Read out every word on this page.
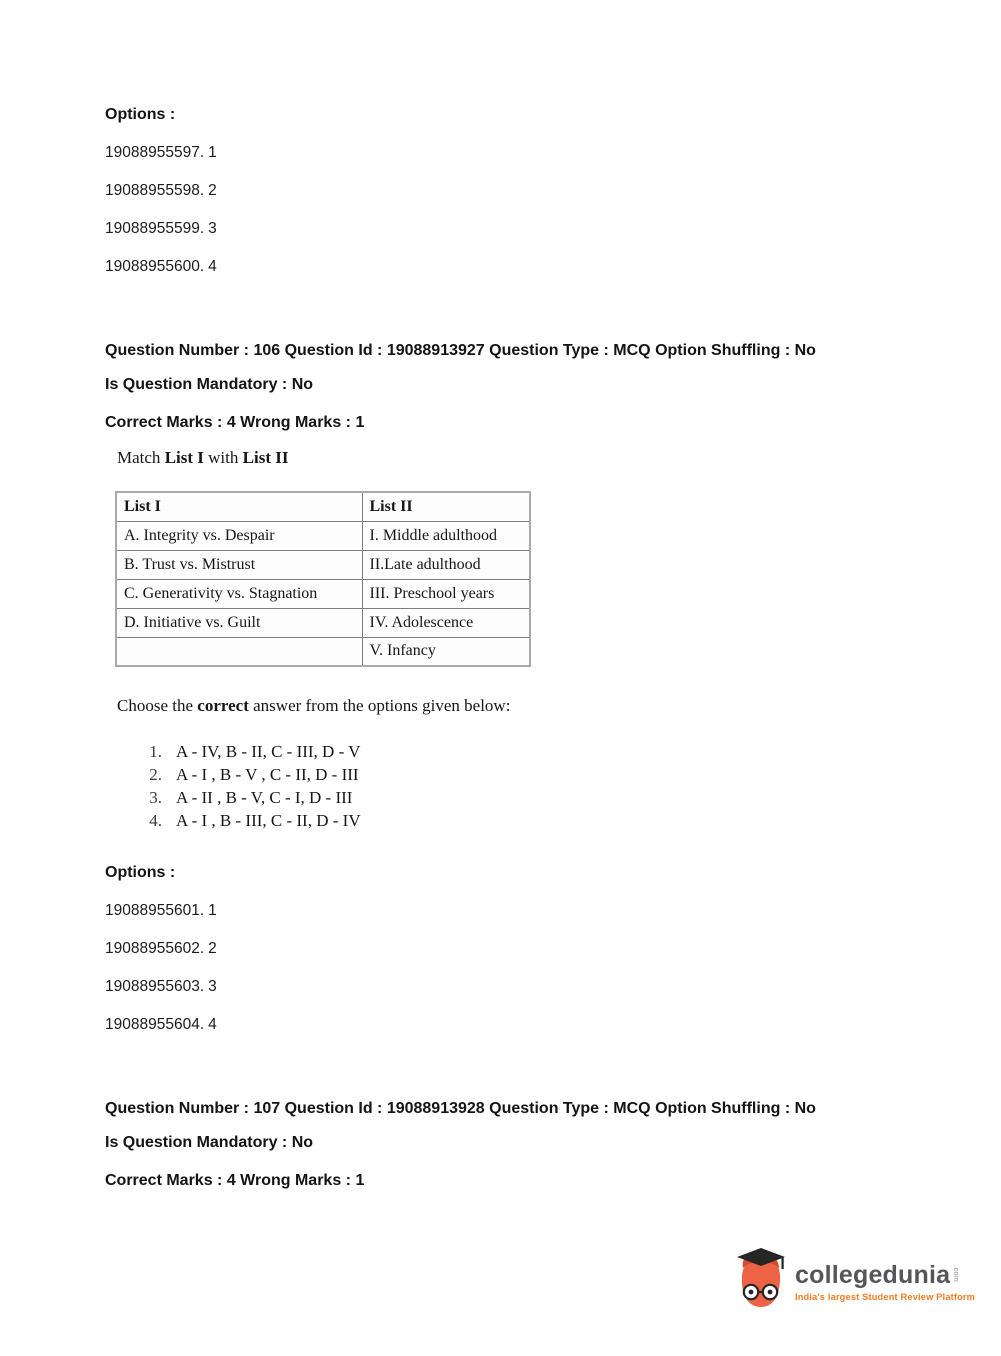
Options :
19088955597. 1
19088955598. 2
19088955599. 3
19088955600. 4
Question Number : 106 Question Id : 19088913927 Question Type : MCQ Option Shuffling : No
Is Question Mandatory : No
Correct Marks : 4 Wrong Marks : 1
Match List I with List II
List I	List II
A. Integrity vs. Despair	I. Middle adulthood
B. Trust vs. Mistrust	II.Late adulthood
C. Generativity vs. Stagnation	III. Preschool years
D. Initiative vs. Guilt	IV. Adolescence
	V. Infancy
Choose the correct answer from the options given below:
1. A - IV, B - II, C - III, D - V
2. A - I , B - V , C - II, D - III
3. A - II , B - V, C - I, D - III
4. A - I , B - III, C - II, D - IV
Options :
19088955601. 1
19088955602. 2
19088955603. 3
19088955604. 4
Question Number : 107 Question Id : 19088913928 Question Type : MCQ Option Shuffling : No
Is Question Mandatory : No
Correct Marks : 4 Wrong Marks : 1
collegedunia .com
India's largest Student Review Platform
